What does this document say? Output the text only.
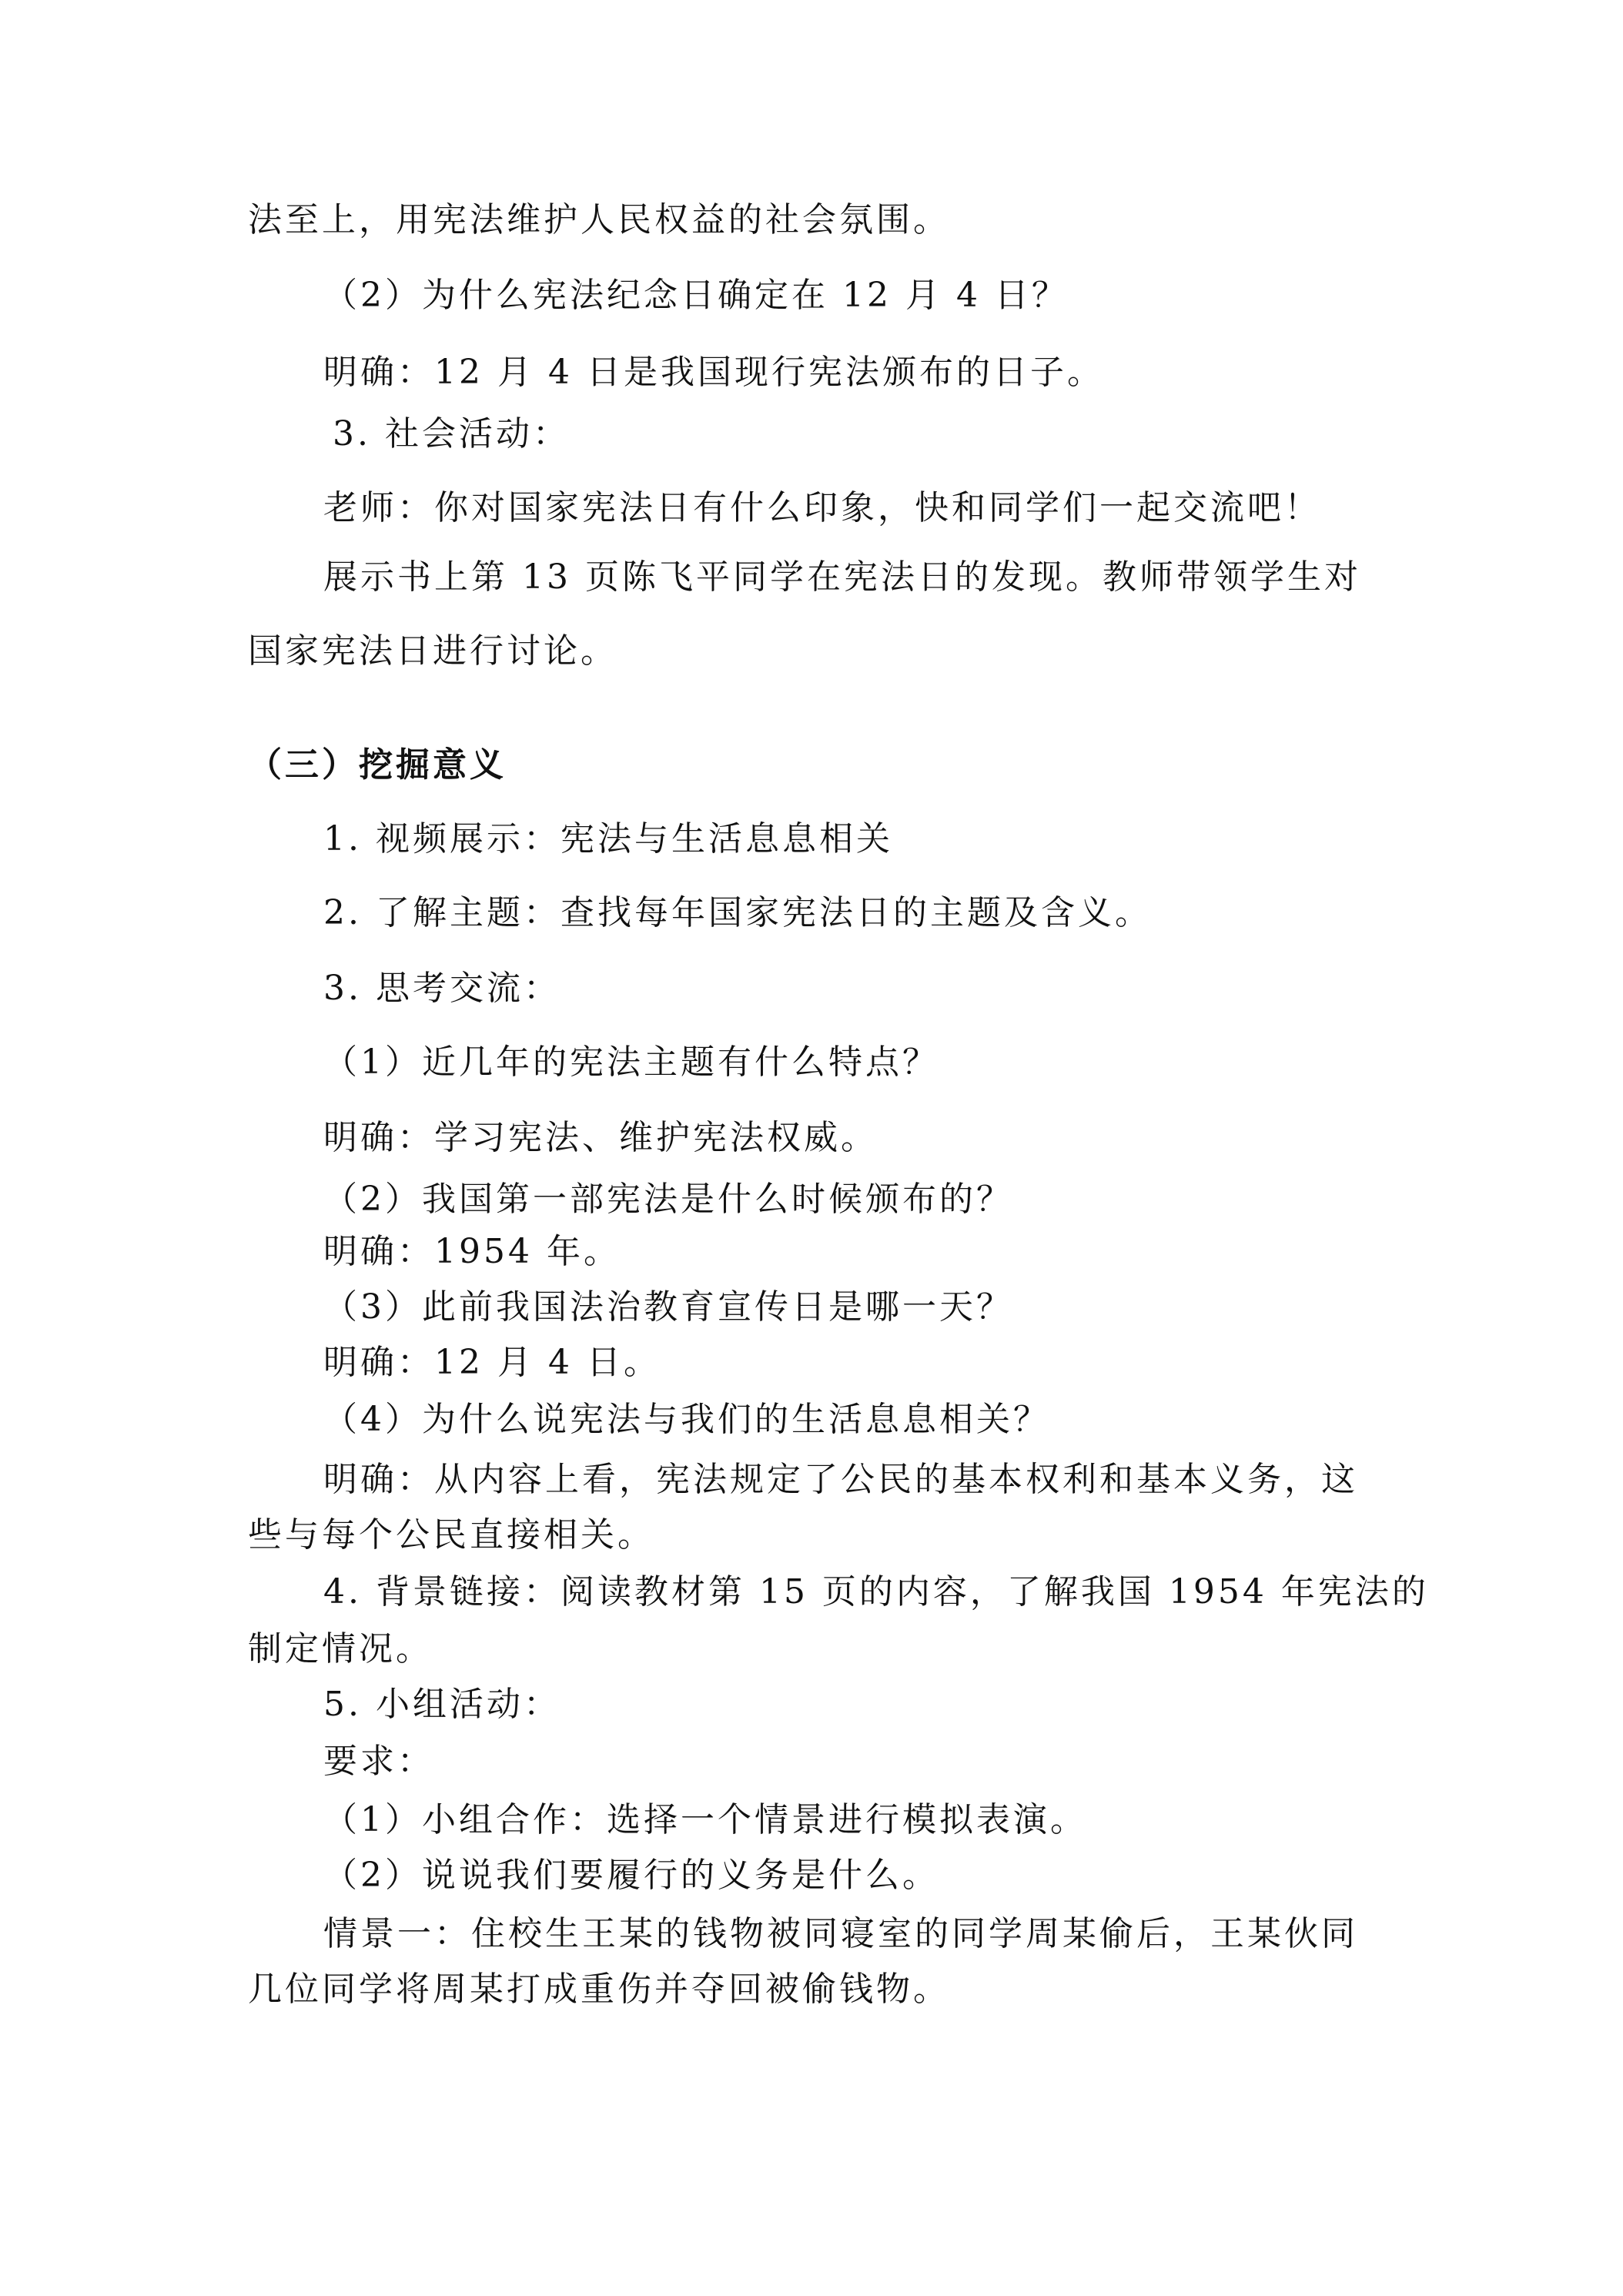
法至上，用宪法维护人民权益的社会氛围。
（2）为什么宪法纪念日确定在 12 月 4 日？
明确：12 月 4 日是我国现行宪法颁布的日子。
3. 社会活动：
老师：你对国家宪法日有什么印象，快和同学们一起交流吧！
展示书上第 13 页陈飞平同学在宪法日的发现。教师带领学生对
国家宪法日进行讨论。
（三）挖掘意义
1. 视频展示：宪法与生活息息相关
2. 了解主题：查找每年国家宪法日的主题及含义。
3. 思考交流：
（1）近几年的宪法主题有什么特点？
明确：学习宪法、维护宪法权威。
（2）我国第一部宪法是什么时候颁布的？
明确：1954 年。
（3）此前我国法治教育宣传日是哪一天？
明确：12 月 4 日。
（4）为什么说宪法与我们的生活息息相关？
明确：从内容上看，宪法规定了公民的基本权利和基本义务，这
些与每个公民直接相关。
4. 背景链接：阅读教材第 15 页的内容，了解我国 1954 年宪法的
制定情况。
5. 小组活动：
要求：
（1）小组合作：选择一个情景进行模拟表演。
（2）说说我们要履行的义务是什么。
情景一：住校生王某的钱物被同寝室的同学周某偷后，王某伙同
几位同学将周某打成重伤并夺回被偷钱物。
